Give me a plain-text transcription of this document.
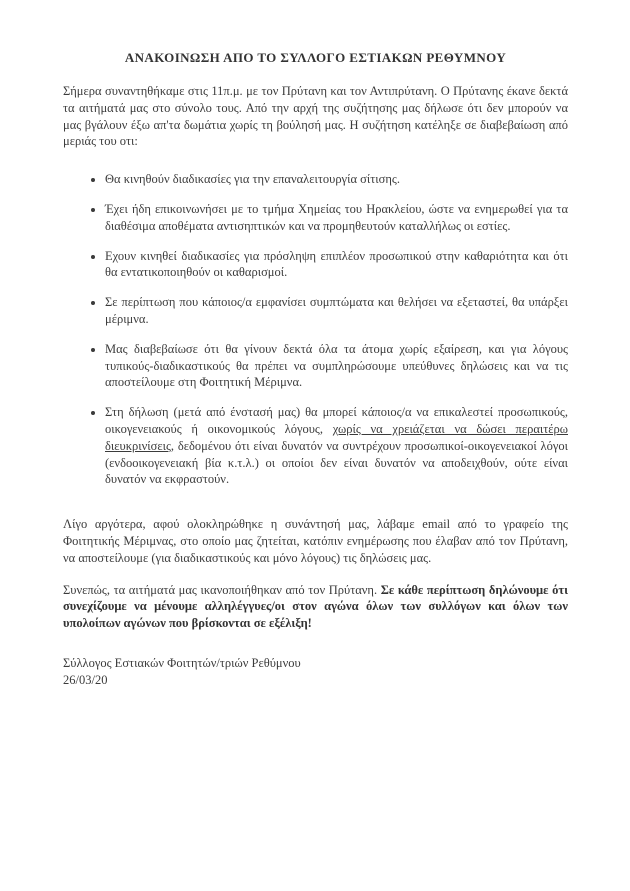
ΑΝΑΚΟΙΝΩΣΗ ΑΠΟ ΤΟ ΣΥΛΛΟΓΟ ΕΣΤΙΑΚΩΝ ΡΕΘΥΜΝΟΥ

Σήμερα συναντηθήκαμε στις 11π.μ. με τον Πρύτανη και τον Αντιπρύτανη. Ο Πρύτανης έκανε δεκτά τα αιτήματά μας στο σύνολο τους. Από την αρχή της συζήτησης μας δήλωσε ότι δεν μπορούν να μας βγάλουν έξω απ'τα δωμάτια χωρίς τη βούλησή μας. Η συζήτηση κατέληξε σε διαβεβαίωση από μεριάς του οτι:

• Θα κινηθούν διαδικασίες για την επαναλειτουργία σίτισης.
• Έχει ήδη επικοινωνήσει με το τμήμα Χημείας του Ηρακλείου, ώστε να ενημερωθεί για τα διαθέσιμα αποθέματα αντισηπτικών και να προμηθευτούν καταλλήλως οι εστίες.
• Εχουν κινηθεί διαδικασίες για πρόσληψη επιπλέον προσωπικού στην καθαριότητα και ότι θα εντατικοποιηθούν οι καθαρισμοί.
• Σε περίπτωση που κάποιος/α εμφανίσει συμπτώματα και θελήσει να εξεταστεί, θα υπάρξει μέριμνα.
• Μας διαβεβαίωσε ότι θα γίνουν δεκτά όλα τα άτομα χωρίς εξαίρεση, και για λόγους τυπικούς-διαδικαστικούς θα πρέπει να συμπληρώσουμε υπεύθυνες δηλώσεις και να τις αποστείλουμε στη Φοιτητική Μέριμνα.
• Στη δήλωση (μετά από ένστασή μας) θα μπορεί κάποιος/α να επικαλεστεί προσωπικούς, οικογενειακούς ή οικονομικούς λόγους, χωρίς να χρειάζεται να δώσει περαιτέρω διευκρινίσεις, δεδομένου ότι είναι δυνατόν να συντρέχουν προσωπικοί-οικογενειακοί λόγοι (ενδοοικογενειακή βία κ.τ.λ.) οι οποίοι δεν είναι δυνατόν να αποδειχθούν, ούτε είναι δυνατόν να εκφραστούν.

Λίγο αργότερα, αφού ολοκληρώθηκε η συνάντησή μας, λάβαμε email από το γραφείο της Φοιτητικής Μέριμνας, στο οποίο μας ζητείται, κατόπιν ενημέρωσης που έλαβαν από τον Πρύτανη, να αποστείλουμε (για διαδικαστικούς και μόνο λόγους) τις δηλώσεις μας.

Συνεπώς, τα αιτήματά μας ικανοποιήθηκαν από τον Πρύτανη. Σε κάθε περίπτωση δηλώνουμε ότι συνεχίζουμε να μένουμε αλληλέγγυες/οι στον αγώνα όλων των συλλόγων και όλων των υπολοίπων αγώνων που βρίσκονται σε εξέλιξη!

Σύλλογος Εστιακών Φοιτητών/τριών Ρεθύμνου

26/03/20
